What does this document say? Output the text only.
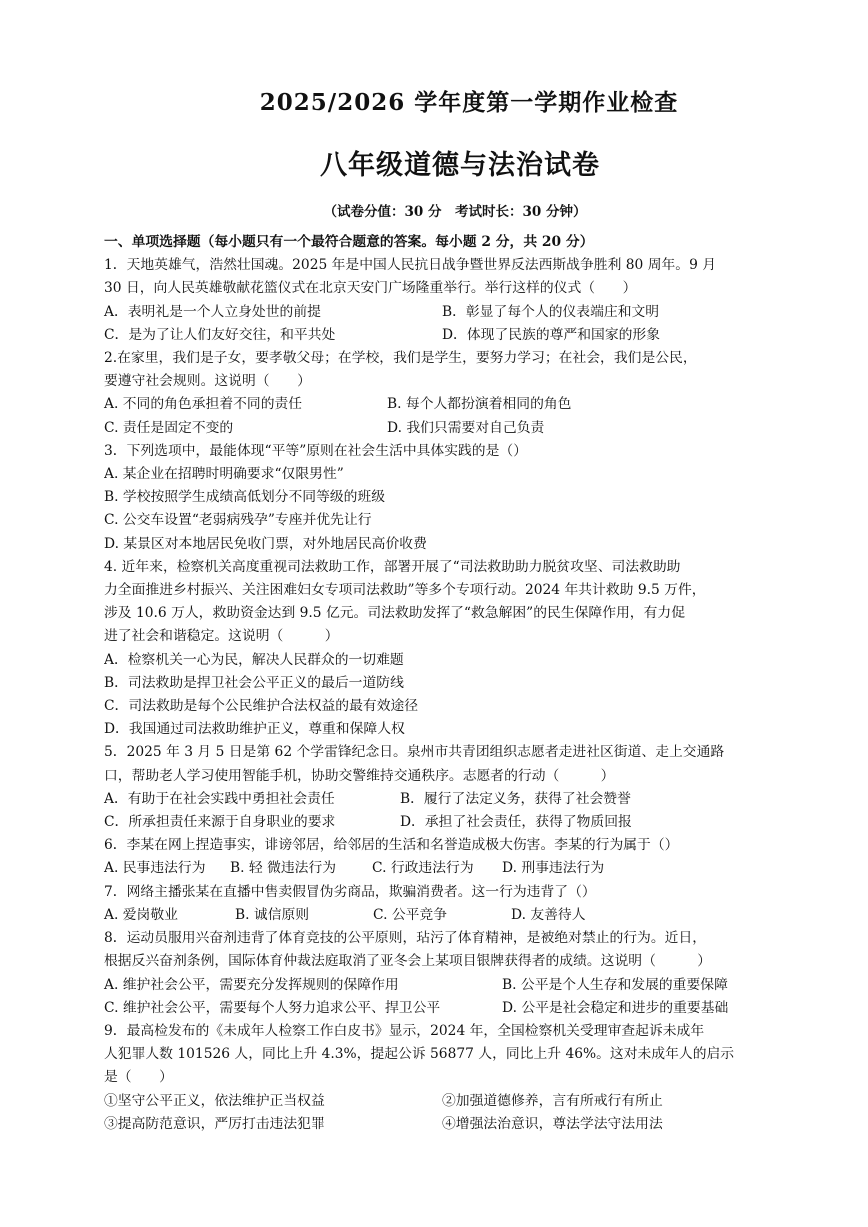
2025/2026 学年度第一学期作业检查
八年级道德与法治试卷
（试卷分值：30 分　考试时长：30 分钟）
一、单项选择题（每小题只有一个最符合题意的答案。每小题 2 分，共 20 分）
1．天地英雄气，浩然壮国魂。2025 年是中国人民抗日战争暨世界反法西斯战争胜利 80 周年。9 月
30 日，向人民英雄敬献花篮仪式在北京天安门广场隆重举行。举行这样的仪式（　　）
A．表明礼是一个人立身处世的前提	B．彰显了每个人的仪表端庄和文明
C．是为了让人们友好交往，和平共处	D．体现了民族的尊严和国家的形象
2.在家里，我们是子女，要孝敬父母；在学校，我们是学生，要努力学习；在社会，我们是公民，
要遵守社会规则。这说明（　　）
A. 不同的角色承担着不同的责任	B. 每个人都扮演着相同的角色
C. 责任是固定不变的	D. 我们只需要对自己负责
3．下列选项中，最能体现“平等”原则在社会生活中具体实践的是（）
A. 某企业在招聘时明确要求“仅限男性”
B. 学校按照学生成绩高低划分不同等级的班级
C. 公交车设置“老弱病残孕”专座并优先让行
D. 某景区对本地居民免收门票，对外地居民高价收费
4. 近年来，检察机关高度重视司法救助工作，部署开展了“司法救助助力脱贫攻坚、司法救助助
力全面推进乡村振兴、关注困难妇女专项司法救助”等多个专项行动。2024 年共计救助 9.5 万件，
涉及 10.6 万人，救助资金达到 9.5 亿元。司法救助发挥了“救急解困”的民生保障作用，有力促
进了社会和谐稳定。这说明（　　　）
A．检察机关一心为民，解决人民群众的一切难题
B．司法救助是捍卫社会公平正义的最后一道防线
C．司法救助是每个公民维护合法权益的最有效途径
D．我国通过司法救助维护正义，尊重和保障人权
5．2025 年 3 月 5 日是第 62 个学雷锋纪念日。泉州市共青团组织志愿者走进社区街道、走上交通路
口，帮助老人学习使用智能手机，协助交警维持交通秩序。志愿者的行动（　　　）
A．有助于在社会实践中勇担社会责任	B．履行了法定义务，获得了社会赞誉
C．所承担责任来源于自身职业的要求	D．承担了社会责任，获得了物质回报
6．李某在网上捏造事实，诽谤邻居，给邻居的生活和名誉造成极大伤害。李某的行为属于（）
A. 民事违法行为	B. 轻 微违法行为	C. 行政违法行为	D. 刑事违法行为
7．网络主播张某在直播中售卖假冒伪劣商品，欺骗消费者。这一行为违背了（）
A. 爱岗敬业	B. 诚信原则	C. 公平竞争	D. 友善待人
8．运动员服用兴奋剂违背了体育竞技的公平原则，玷污了体育精神，是被绝对禁止的行为。近日，
根据反兴奋剂条例，国际体育仲裁法庭取消了亚冬会上某项目银牌获得者的成绩。这说明（　　　）
A. 维护社会公平，需要充分发挥规则的保障作用	B. 公平是个人生存和发展的重要保障
C. 维护社会公平，需要每个人努力追求公平、捍卫公平	D. 公平是社会稳定和进步的重要基础
9．最高检发布的《未成年人检察工作白皮书》显示，2024 年，全国检察机关受理审查起诉未成年
人犯罪人数 101526 人，同比上升 4.3%，提起公诉 56877 人，同比上升 46%。这对未成年人的启示
是（　　）
①坚守公平正义，依法维护正当权益	②加强道德修养，言有所戒行有所止
③提高防范意识，严厉打击违法犯罪	④增强法治意识，尊法学法守法用法
